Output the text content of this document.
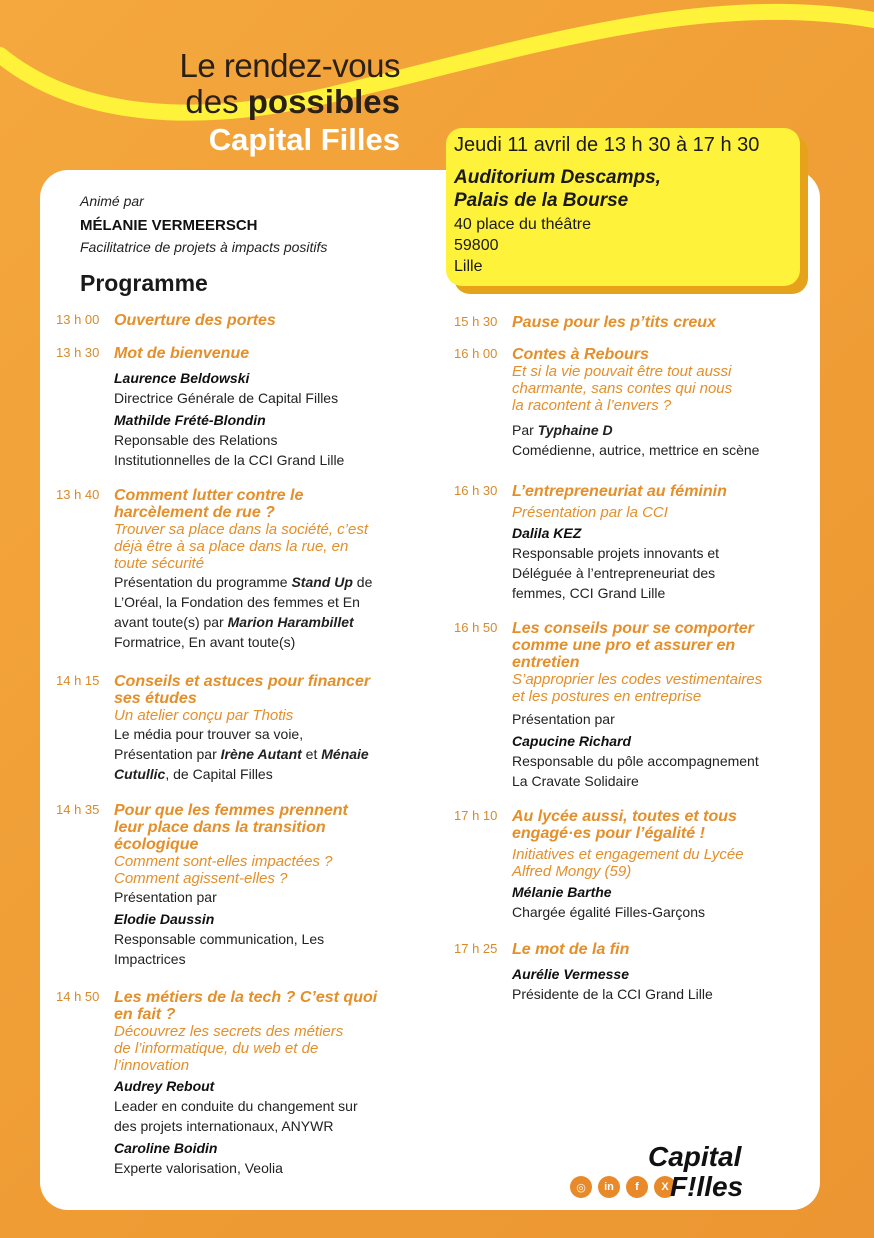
Le rendez-vous
des possibles
Capital Filles	Jeudi 11 avril de 13 h 30 à 17 h 30
Auditorium Descamps,
Palais de la Bourse
40 place du théâtre
59800
Lille
Animé par
MÉLANIE VERMEERSCH
Facilitatrice de projets à impacts positifs
Programme
13 h 00 Ouverture des portes
13 h 30 Mot de bienvenue
Laurence Beldowski
Directrice Générale de Capital Filles
Mathilde Frété-Blondin
Reponsable des Relations
Institutionnelles de la CCI Grand Lille
13 h 40 Comment lutter contre le
harcèlement de rue ?
Trouver sa place dans la société, c’est
déjà être à sa place dans la rue, en
toute sécurité
Présentation du programme Stand Up de
L’Oréal, la Fondation des femmes et En
avant toute(s) par Marion Harambillet
Formatrice, En avant toute(s)
14 h 15 Conseils et astuces pour financer
ses études
Un atelier conçu par Thotis
Le média pour trouver sa voie,
Présentation par Irène Autant et Ménaie
Cutullic, de Capital Filles
14 h 35 Pour que les femmes prennent
leur place dans la transition
écologique
Comment sont-elles impactées ?
Comment agissent-elles ?
Présentation par
Elodie Daussin
Responsable communication, Les
Impactrices
14 h 50 Les métiers de la tech ? C’est quoi
en fait ?
Découvrez les secrets des métiers
de l’informatique, du web et de
l’innovation
Audrey Rebout
Leader en conduite du changement sur
des projets internationaux, ANYWR
Caroline Boidin
Experte valorisation, Veolia
15 h 30 Pause pour les p’tits creux
16 h 00 Contes à Rebours
Et si la vie pouvait être tout aussi
charmante, sans contes qui nous
la racontent à l’envers ?
Par Typhaine D
Comédienne, autrice, mettrice en scène
16 h 30 L’entrepreneuriat au féminin
Présentation par la CCI
Dalila KEZ
Responsable projets innovants et
Déléguée à l’entrepreneuriat des
femmes, CCI Grand Lille
16 h 50 Les conseils pour se comporter
comme une pro et assurer en
entretien
S’approprier les codes vestimentaires
et les postures en entreprise
Présentation par
Capucine Richard
Responsable du pôle accompagnement
La Cravate Solidaire
17 h 10 Au lycée aussi, toutes et tous
engagé·es pour l’égalité !
Initiatives et engagement du Lycée
Alfred Mongy (59)
Mélanie Barthe
Chargée égalité Filles-Garçons
17 h 25 Le mot de la fin
Aurélie Vermesse
Présidente de la CCI Grand Lille
◎	in	f	X
Capital
F!lles
